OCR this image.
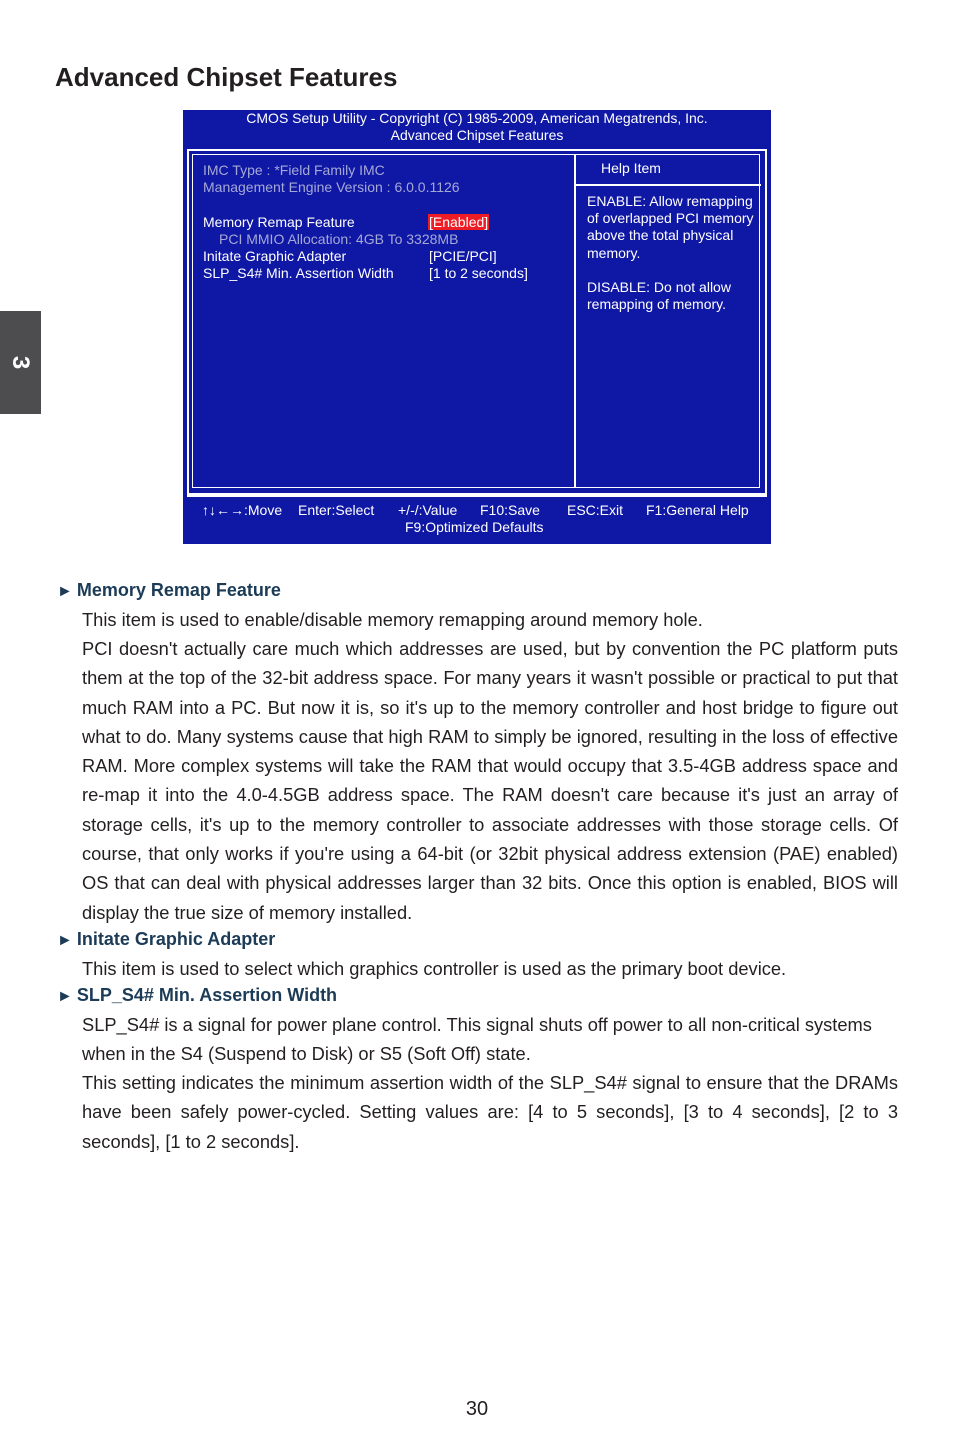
Advanced Chipset Features
3
CMOS Setup Utility - Copyright (C) 1985-2009, American Megatrends, Inc.
Advanced Chipset Features
IMC Type : *Field Family IMC
Management Engine Version : 6.0.0.1126
Memory Remap Feature	[Enabled]
PCI MMIO Allocation: 4GB To 3328MB
Initate Graphic Adapter	[PCIE/PCI]
SLP_S4# Min. Assertion Width	[1 to 2 seconds]
Help Item

ENABLE: Allow remapping of overlapped PCI memory above the total physical memory.

DISABLE: Do not allow remapping of memory.

↑↓←→:Move Enter:Select +/-/:Value F10:Save ESC:Exit F1:General Help
F9:Optimized Defaults
► Memory Remap Feature

This item is used to enable/disable memory remapping around memory hole.

PCI doesn't actually care much which addresses are used, but by convention the PC platform puts them at the top of the 32-bit address space. For many years it wasn't possible or practical to put that much RAM into a PC. But now it is, so it's up to the memory controller and host bridge to figure out what to do. Many systems cause that high RAM to simply be ignored, resulting in the loss of effective RAM. More complex systems will take the RAM that would occupy that 3.5-4GB address space and re-map it into the 4.0-4.5GB address space. The RAM doesn't care because it's just an array of storage cells, it's up to the memory controller to associate addresses with those storage cells. Of course, that only works if you're using a 64-bit (or 32bit physical address extension (PAE) enabled) OS that can deal with physical addresses larger than 32 bits. Once this option is enabled, BIOS will display the true size of memory installed.

► Initate Graphic Adapter

This item is used to select which graphics controller is used as the primary boot device.

► SLP_S4# Min. Assertion Width

SLP_S4# is a signal for power plane control. This signal shuts off power to all non-critical systems when in the S4 (Suspend to Disk) or S5 (Soft Off) state.

This setting indicates the minimum assertion width of the SLP_S4# signal to ensure that the DRAMs have been safely power-cycled. Setting values are: [4 to 5 seconds], [3 to 4 seconds], [2 to 3 seconds], [1 to 2 seconds].

30
